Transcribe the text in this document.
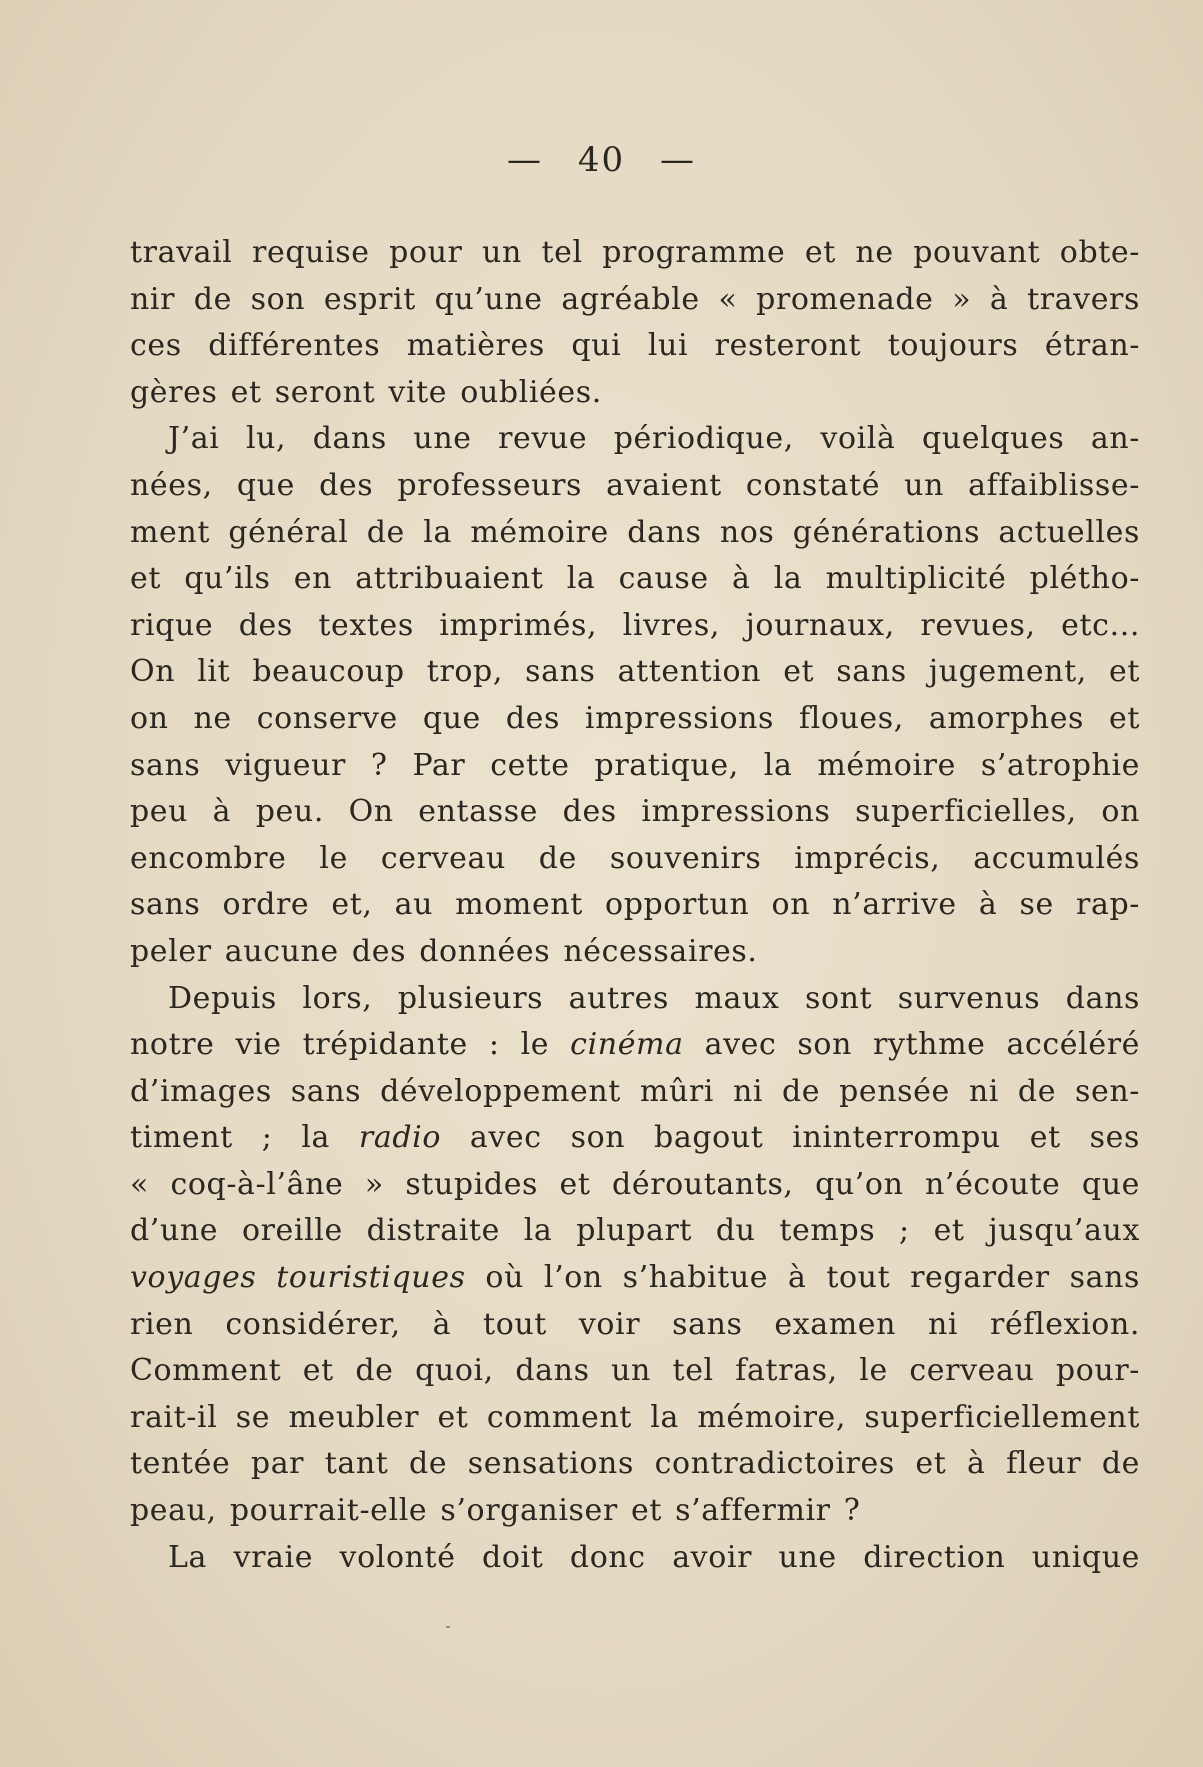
— 40 —

travail requise pour un tel programme et ne pouvant obte-
nir de son esprit qu’une agréable « promenade » à travers
ces différentes matières qui lui resteront toujours étran-
gères et seront vite oubliées.

J’ai lu, dans une revue périodique, voilà quelques an-
nées, que des professeurs avaient constaté un affaiblisse-
ment général de la mémoire dans nos générations actuelles
et qu’ils en attribuaient la cause à la multiplicité plétho-
rique des textes imprimés, livres, journaux, revues, etc...
On lit beaucoup trop, sans attention et sans jugement, et
on ne conserve que des impressions floues, amorphes et
sans vigueur ? Par cette pratique, la mémoire s’atrophie
peu à peu. On entasse des impressions superficielles, on
encombre le cerveau de souvenirs imprécis, accumulés
sans ordre et, au moment opportun on n’arrive à se rap-
peler aucune des données nécessaires.

Depuis lors, plusieurs autres maux sont survenus dans
notre vie trépidante : le cinéma avec son rythme accéléré
d’images sans développement mûri ni de pensée ni de sen-
timent ; la radio avec son bagout ininterrompu et ses
« coq-à-l’âne » stupides et déroutants, qu’on n’écoute que
d’une oreille distraite la plupart du temps ; et jusqu’aux
voyages touristiques où l’on s’habitue à tout regarder sans
rien considérer, à tout voir sans examen ni réflexion.
Comment et de quoi, dans un tel fatras, le cerveau pour-
rait-il se meubler et comment la mémoire, superficiellement
tentée par tant de sensations contradictoires et à fleur de
peau, pourrait-elle s’organiser et s’affermir ?

La vraie volonté doit donc avoir une direction unique
